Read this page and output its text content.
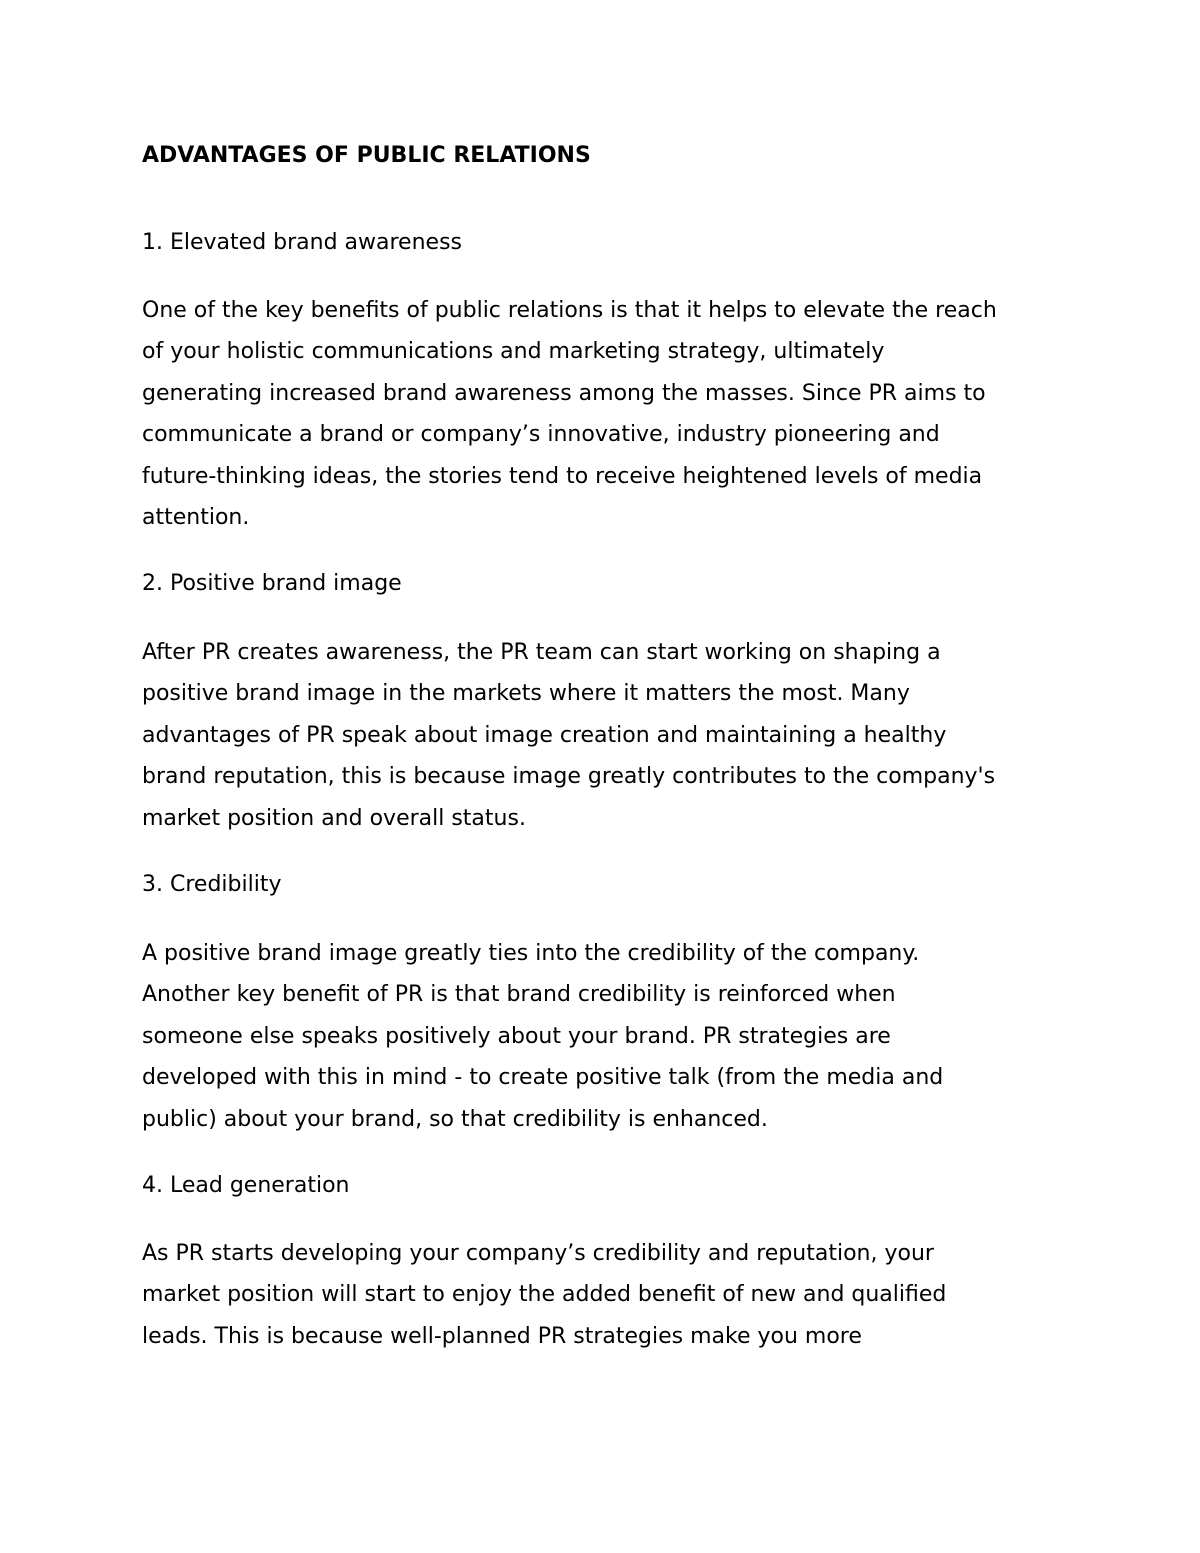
ADVANTAGES OF PUBLIC RELATIONS
1. Elevated brand awareness
One of the key benefits of public relations is that it helps to elevate the reach
of your holistic communications and marketing strategy, ultimately
generating increased brand awareness among the masses. Since PR aims to
communicate a brand or company’s innovative, industry pioneering and
future-thinking ideas, the stories tend to receive heightened levels of media
attention.
2. Positive brand image
After PR creates awareness, the PR team can start working on shaping a
positive brand image in the markets where it matters the most. Many
advantages of PR speak about image creation and maintaining a healthy
brand reputation, this is because image greatly contributes to the company's
market position and overall status.
3. Credibility
A positive brand image greatly ties into the credibility of the company.
Another key benefit of PR is that brand credibility is reinforced when
someone else speaks positively about your brand. PR strategies are
developed with this in mind - to create positive talk (from the media and
public) about your brand, so that credibility is enhanced.
4. Lead generation
As PR starts developing your company’s credibility and reputation, your
market position will start to enjoy the added benefit of new and qualified
leads. This is because well-planned PR strategies make you more
